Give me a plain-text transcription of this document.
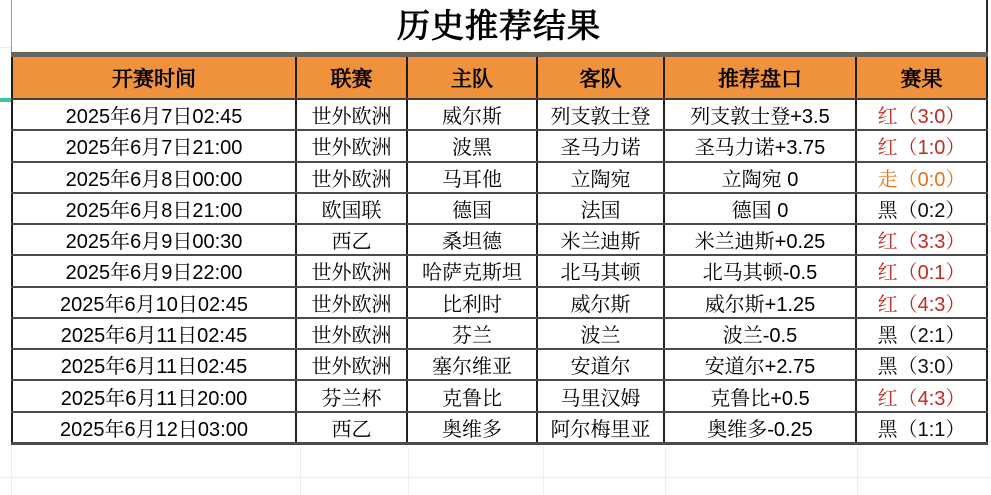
历史推荐结果
开赛时间	联赛	主队	客队	推荐盘口	赛果
2025年6月7日02:45	世外欧洲	威尔斯	列支敦士登	列支敦士登+3.5	红（3:0）
2025年6月7日21:00	世外欧洲	波黑	圣马力诺	圣马力诺+3.75	红（1:0）
2025年6月8日00:00	世外欧洲	马耳他	立陶宛	立陶宛 0	走（0:0）
2025年6月8日21:00	欧国联	德国	法国	德国 0	黑（0:2）
2025年6月9日00:30	西乙	桑坦德	米兰迪斯	米兰迪斯+0.25	红（3:3）
2025年6月9日22:00	世外欧洲	哈萨克斯坦	北马其顿	北马其顿-0.5	红（0:1）
2025年6月10日02:45	世外欧洲	比利时	威尔斯	威尔斯+1.25	红（4:3）
2025年6月11日02:45	世外欧洲	芬兰	波兰	波兰-0.5	黑（2:1）
2025年6月11日02:45	世外欧洲	塞尔维亚	安道尔	安道尔+2.75	黑（3:0）
2025年6月11日20:00	芬兰杯	克鲁比	马里汉姆	克鲁比+0.5	红（4:3）
2025年6月12日03:00	西乙	奥维多	阿尔梅里亚	奥维多-0.25	黑（1:1）
